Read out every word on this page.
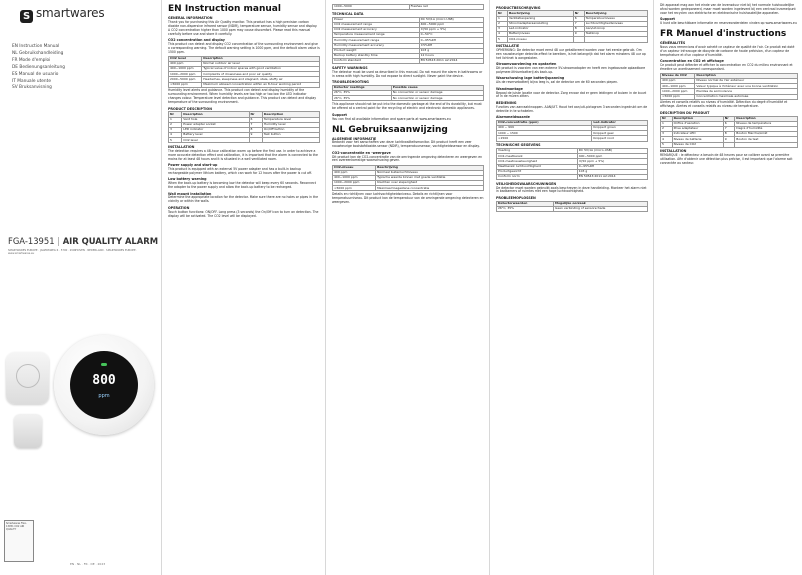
S smartwares
EN Instruction Manual
NL Gebruikshandleiding
FR Mode d'emploi
DE Bedienungsanleitung
ES Manual de usuario
IT Manuale utente
SV Bruksanvisning
FGA-13951 | AIR QUALITY ALARM
SMARTWARES EUROPE · JAGERSWEG 6 · 5700 · ZONHOVEN · NEDERLAND · SMARTWARES EUROPE · www.smartwares.eu
800
ppm
Smartwares FGA-13951 CO2 AIR QUALITY
EN · NL · FR · DE · 2023
EN Instruction manual
GENERAL INFORMATION

Thank you for purchasing this Air Quality monitor. This product has a high precision carbon dioxide non-dispersive infrared sensor (NDIR), temperature sensor, humidity sensor and display. A CO2 concentration higher than 1000 ppm may cause discomfort. Please read this manual carefully before use and store it carefully.

CO2 concentration and display

This product can detect and display CO2 concentration of the surrounding environment and give a corresponding warning. The default warning setting is 1000 ppm, and the default alarm value is 1500 ppm.

CO2 level	Description
400 ppm	Normal outdoor air level
400~1000 ppm	Typical value of indoor spaces with good ventilation
1000~2000 ppm	Complaints of drowsiness and poor air quality
2000~5000 ppm	Headaches, sleepiness and stagnant, stale, stuffy air
>5000 ppm	Maximum allowed concentration within an 8-hour working period

Humidity level alerts and guidance. This product can detect and display humidity of the surrounding environment. When humidity levels are too high or too low the LED indicator changes colour. Temperature level detection and guidance. This product can detect and display temperature of the surrounding environment.

PRODUCT DESCRIPTION
Nr	Description	Nr	Description
1	Vent hole	6	Temperature level
2	Power adapter socket	7	Humidity level
3	LED indicator	8	On/Off button
4	Battery level	9	Test button
5	CO2 level		
INSTALLATION

The detection requires a 48-hour calibration warm up before the first use. In order to achieve a more accurate detection effect and calibration, it is important that the alarm is connected to the mains for at least 48 hours and it is situated in a well ventilated room.

Power supply and start-up

This product is equipped with an external 5V power adapter and has a built-in backup rechargeable polymer lithium battery, which can work for 12 hours after the power is cut off.

Low battery warning

When the back-up battery is becoming low the detector will beep every 60 seconds. Reconnect the adapter to the power supply and allow the back-up battery to be recharged.

Wall mount installation

Determine the appropriate location for the detector. Make sure there are no holes or pipes in the vicinity or within the walls.

OPERATION

Touch button functions: ON/OFF. Long press (3 seconds) the On/Off icon to turn on detection. The display will be activated. The CO2 level will be displayed.

1000~5000	Flashes red
TECHNICAL DATA
Power	DC 5V/1A (micro USB)
CO2 measurement range	400~5000 ppm
CO2 measurement accuracy	±(50 ppm + 5%)
Temperature measurement range	0~50°C
Humidity measurement range	0~95%RH
Humidity measurement accuracy	±5%RH
Product weight	103 g
Backup battery standby time	12 hours
Conform standard	EN 50543:2011 A2:2014
SAFETY WARNINGS

The detector must be used as described in this manual. Do not mount the alarm in bathrooms or in areas with high humidity. Do not expose to direct sunlight. Never paint the device.

TROUBLESHOOTING
Detector readings	Possible cause
26°C, 35%	No connection or sensor damage
26°C, 35%	No connection or sensor damage

This appliance should not be put into the domestic garbage at the end of its durability, but must be offered at a central point for the recycling of electric and electronic domestic appliances.

Support

You can find all available information and spare parts at www.smartwares.eu

NL Gebruiksaanwijzing
ALGEMENE INFORMATIE

Bedankt voor het aanschaffen van deze luchtkwaliteitsmonitor. Dit product heeft een zeer nauwkeurige koolstofdioxide-sensor (NDIR), temperatuursensor, vochtigheidssensor en display.

CO2-concentratie en -weergave

Dit product kan de CO2-concentratie van de omringende omgeving detecteren en weergeven en een overeenkomstige waarschuwing geven.

CO2-niveau	Beschrijving
400 ppm	Normaal buitenluchtniveau
400~1000 ppm	Typische waarde binnen met goede ventilatie
1000~2000 ppm	Klachten over slaperigheid
>5000 ppm	Maximaal toegestane concentratie

Details en richtlijnen voor luchtvochtigheidsniveau. Details en richtlijnen voor temperatuurniveau. Dit product kan de temperatuur van de omringende omgeving detecteren en weergeven.

PRODUCTBESCHRIJVING
Nr	Beschrijving	Nr	Beschrijving
1	Ventilatieopening	6	Temperatuurniveau
2	Stroomadapteraansluiting	7	Luchtvochtigheidsniveau
3	Led-indicator	8	Aan/uit-knop
4	Batterijniveau	9	Testknop
5	CO2-niveau		
INSTALLATIE

OPMERKING: De detector moet eerst 48 uur gekalibreerd worden voor het eerste gebruik. Om een nauwkeuriger detectie-effect te bereiken, is het belangrijk dat het alarm minstens 48 uur op het lichtnet is aangesloten.

Stroomvoorziening en opstarten

Dit product is voorzien van een externe 5V-stroomadapter en heeft een ingebouwde oplaadbare polymeer-lithiumbatterij als back-up.

Waarschuwing lage batterijspanning

Als de reservebatterij bijna leeg is, zal de detector om de 60 seconden piepen.

Wandmontage

Bepaal de juiste locatie voor de detector. Zorg ervoor dat er geen leidingen of buizen in de buurt of in de muren zitten.

BEDIENING

Functies van aanraakknoppen. AAN/UIT. Houd het aan/uit-pictogram 3 seconden ingedrukt om de detectie in te schakelen.

Alarmmeldwaarde
CO2-concentratie (ppm)	Led-indicator
400 ~ 999	Knippert groen
1000 ~ 1500	Knippert geel
>1500	Knippert rood
TECHNISCHE GEGEVENS
Voeding	DC 5V/1A (micro-USB)
CO2-meetbereik	400~5000 ppm
CO2-meetnauwkeurigheid	±(50 ppm + 5%)
Meetbereik luchtvochtigheid	0~95%RH
Productgewicht	103 g
Conform norm	EN 50543:2011 A2:2014
VEILIGHEIDSWAARSCHUWINGEN

De detector moet worden gebruikt zoals beschreven in deze handleiding. Monteer het alarm niet in badkamers of ruimtes met een hoge luchtvochtigheid.

PROBLEEMOPLOSSEN
Detectorwaarden	Mogelijke oorzaak
26°C, 35%	Geen verbinding of sensorschade

Dit apparaat mag aan het einde van de levensduur niet bij het normale huishoudelijke afval worden gedeponeerd, maar moet worden ingeleverd bij een centraal inzamelpunt voor het recyclen van elektrische en elektronische huishoudelijke apparaten.

Support

U kunt alle beschikbare informatie en reserveonderdelen vinden op www.smartwares.eu

FR Manuel d'instructions
GÉNÉRALITÉS

Nous vous remercions d'avoir acheté ce capteur de qualité de l'air. Ce produit est doté d'un capteur infrarouge de dioxyde de carbone de haute précision, d'un capteur de température et d'un capteur d'humidité.

Concentration en CO2 et affichage

Ce produit peut détecter et afficher la concentration en CO2 du milieu environnant et émettre un avertissement correspondant.

Niveau de CO2	Description
400 ppm	Niveau normal de l'air extérieur
400~1000 ppm	Valeur typique à l'intérieur avec une bonne ventilation
1000~2000 ppm	Plaintes de somnolence
>5000 ppm	Concentration maximale autorisée

Alertes et conseils relatifs au niveau d'humidité. Détection du degré d'humidité et affichage. Alertes et conseils relatifs au niveau de température.

DESCRIPTION DU PRODUIT
Nr	Description	Nr	Description
1	Orifice d'aération	6	Niveau de température
2	Prise adaptateur	7	Degré d'humidité
3	Indicateur LED	8	Bouton Marche/Arrêt
4	Niveau de batterie	9	Bouton de test
5	Niveau de CO2		
INSTALLATION

REMARQUE : le détecteur a besoin de 48 heures pour se calibrer avant sa première utilisation. Afin d'obtenir une détection plus précise, il est important que l'alarme soit connectée au secteur.
